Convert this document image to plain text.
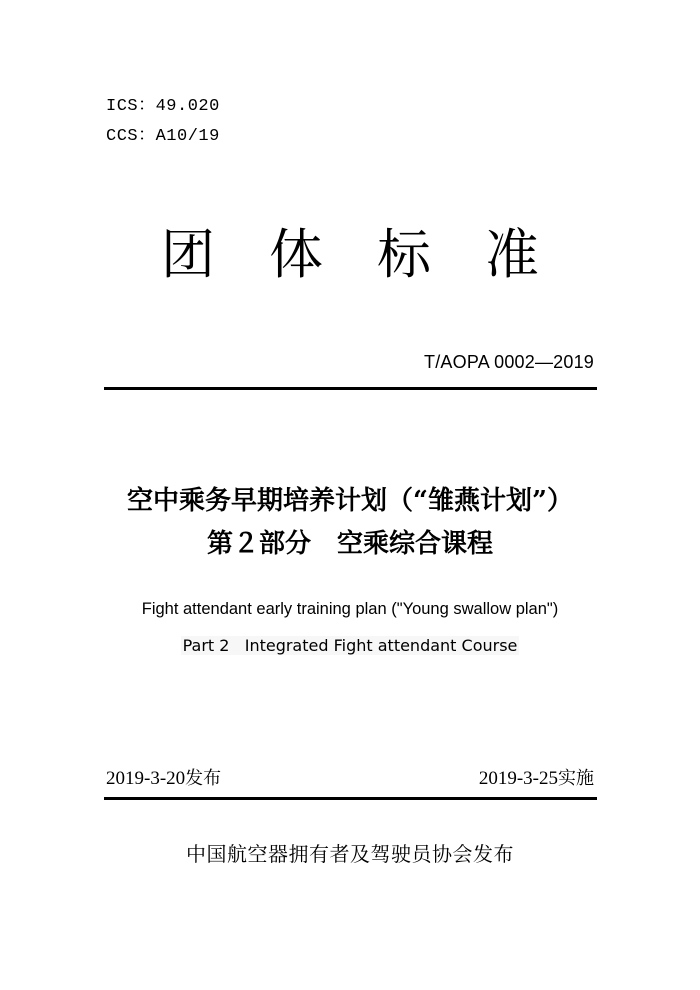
ICS：49.020
CCS：A10/19
团 体 标 准
T/AOPA 0002—2019
空中乘务早期培养计划（“雏燕计划”）
第２部分　空乘综合课程
Fight attendant early training plan ("Young swallow plan")
Part 2   Integrated Fight attendant Course
2019-3-20发布	2019-3-25实施
中国航空器拥有者及驾驶员协会发布
